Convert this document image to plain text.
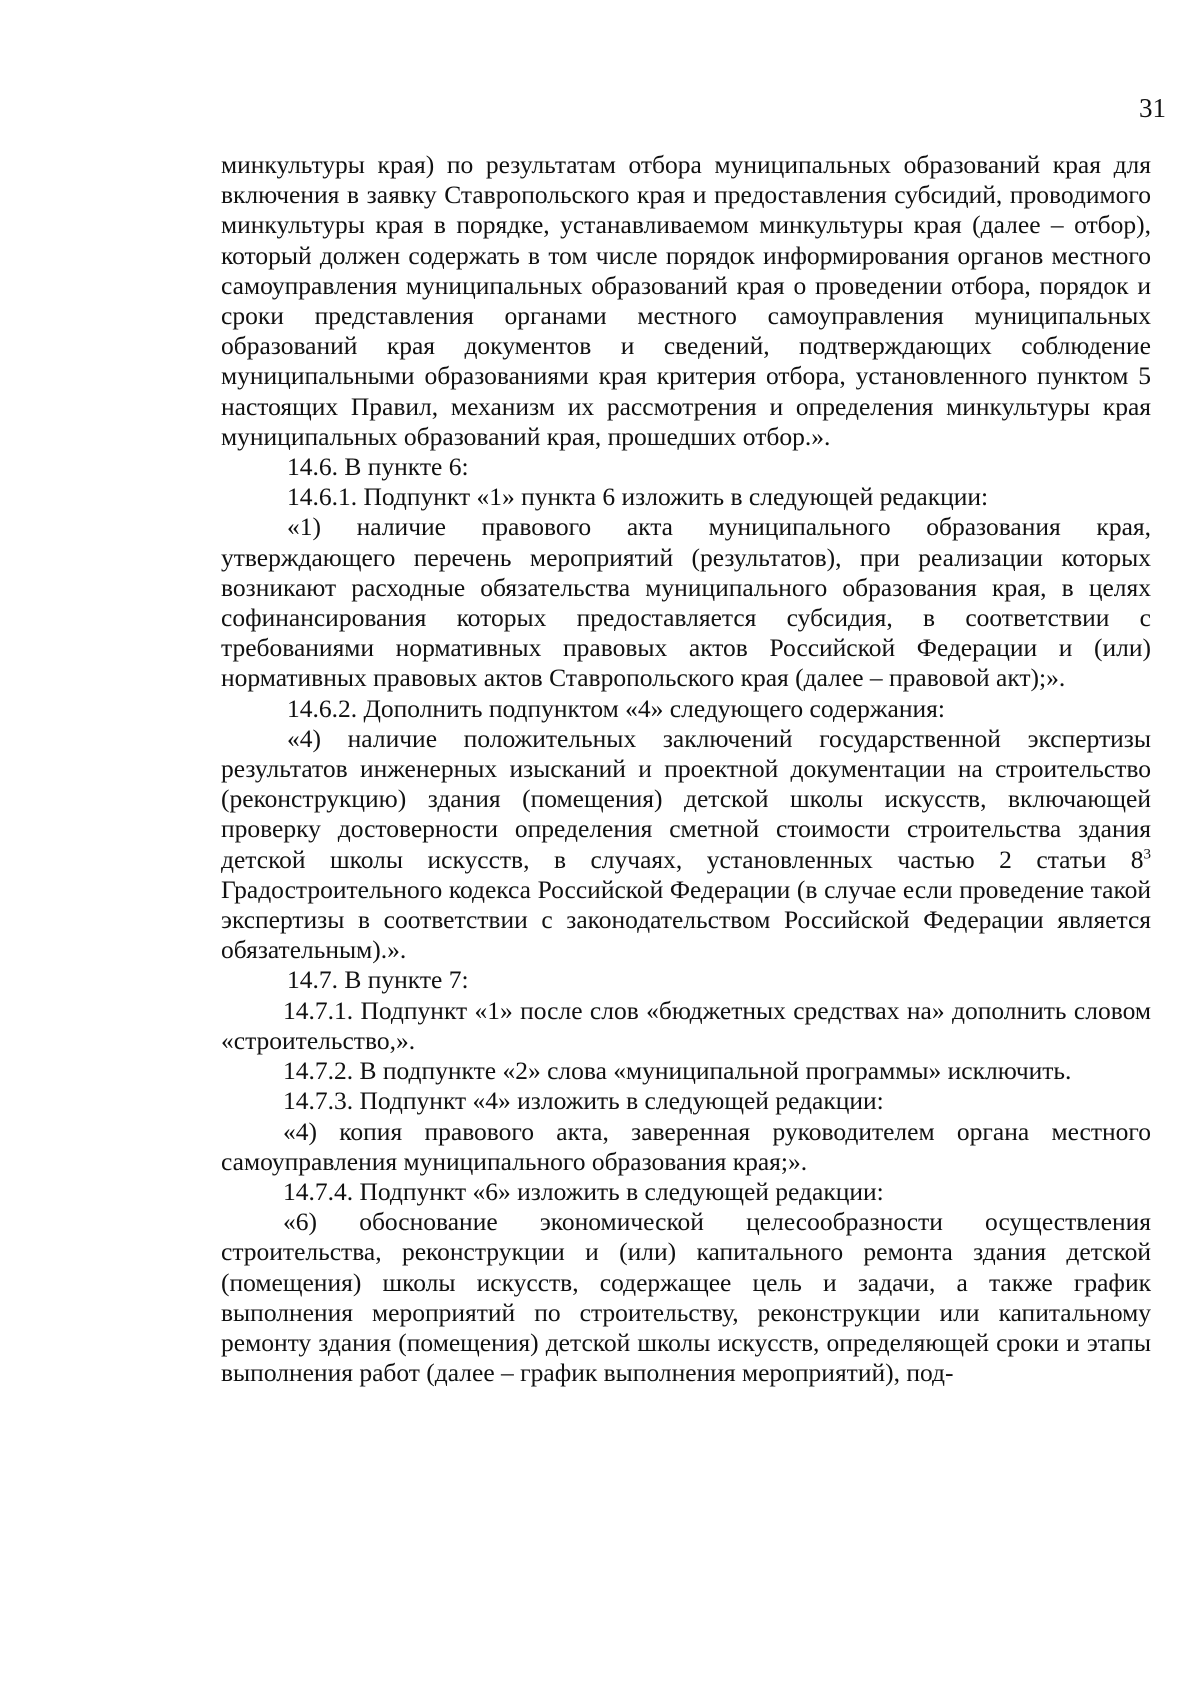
31

минкультуры края) по результатам отбора муниципальных образований края для включения в заявку Ставропольского края и предоставления субсидий, проводимого минкультуры края в порядке, устанавливаемом минкультуры края (далее – отбор), который должен содержать в том числе порядок информирования органов местного самоуправления муниципальных образований края о проведении отбора, порядок и сроки представления органами местного самоуправления муниципальных образований края документов и сведений, подтверждающих соблюдение муниципальными образованиями края критерия отбора, установленного пунктом 5 настоящих Правил, механизм их рассмотрения и определения минкультуры края муниципальных образований края, прошедших отбор.».

14.6. В пункте 6:

14.6.1. Подпункт «1» пункта 6 изложить в следующей редакции:

«1) наличие правового акта муниципального образования края, утверждающего перечень мероприятий (результатов), при реализации которых возникают расходные обязательства муниципального образования края, в целях софинансирования которых предоставляется субсидия, в соответствии с требованиями нормативных правовых актов Российской Федерации и (или) нормативных правовых актов Ставропольского края (далее – правовой акт);».

14.6.2. Дополнить подпунктом «4» следующего содержания:

«4) наличие положительных заключений государственной экспертизы результатов инженерных изысканий и проектной документации на строительство (реконструкцию) здания (помещения) детской школы искусств, включающей проверку достоверности определения сметной стоимости строительства здания детской школы искусств, в случаях, установленных частью 2 статьи $8^3$ Градостроительного кодекса Российской Федерации (в случае если проведение такой экспертизы в соответствии с законодательством Российской Федерации является обязательным).».

14.7. В пункте 7:

14.7.1. Подпункт «1» после слов «бюджетных средствах на» дополнить словом «строительство,».

14.7.2. В подпункте «2» слова «муниципальной программы» исключить.

14.7.3. Подпункт «4» изложить в следующей редакции:

«4) копия правового акта, заверенная руководителем органа местного самоуправления муниципального образования края;».

14.7.4. Подпункт «6» изложить в следующей редакции:

«6) обоснование экономической целесообразности осуществления строительства, реконструкции и (или) капитального ремонта здания детской (помещения) школы искусств, содержащее цель и задачи, а также график выполнения мероприятий по строительству, реконструкции или капитальному ремонту здания (помещения) детской школы искусств, определяющей сроки и этапы выполнения работ (далее – график выполнения мероприятий), под-
